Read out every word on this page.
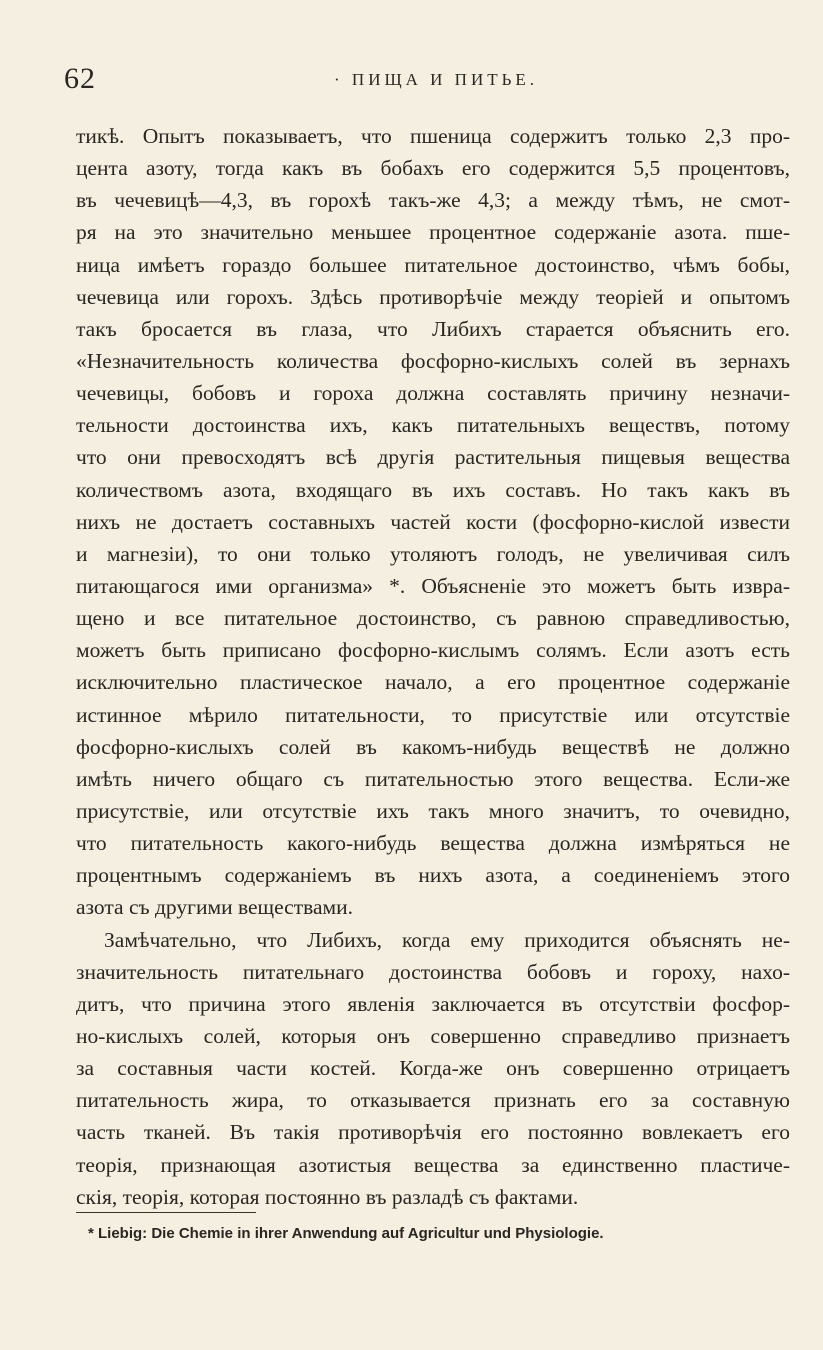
62	· ПИЩА И ПИТЬЕ.
тикѣ. Опытъ показываетъ, что пшеница содержитъ только 2,3 про-
цента азоту, тогда какъ въ бобахъ его содержится 5,5 процентовъ,
въ чечевицѣ—4,3, въ горохѣ такъ-же 4,3; а между тѣмъ, не смот-
ря на это значительно меньшее процентное содержаніе азота. пше-
ница имѣетъ гораздо большее питательное достоинство, чѣмъ бобы,
чечевица или горохъ. Здѣсь противорѣчіе между теоріей и опытомъ
такъ бросается въ глаза, что Либихъ старается объяснить его.
«Незначительность количества фосфорно-кислыхъ солей въ зернахъ
чечевицы, бобовъ и гороха должна составлять причину незначи-
тельности достоинства ихъ, какъ питательныхъ веществъ, потому
что они превосходятъ всѣ другія растительныя пищевыя вещества
количествомъ азота, входящаго въ ихъ составъ. Но такъ какъ въ
нихъ не достаетъ составныхъ частей кости (фосфорно-кислой извести
и магнезіи), то они только утоляютъ голодъ, не увеличивая силъ
питающагося ими организма» *. Объясненіе это можетъ быть извра-
щено и все питательное достоинство, съ равною справедливостью,
можетъ быть приписано фосфорно-кислымъ солямъ. Если азотъ есть
исключительно пластическое начало, а его процентное содержаніе
истинное мѣрило питательности, то присутствіе или отсутствіе
фосфорно-кислыхъ солей въ какомъ-нибудь веществѣ не должно
имѣть ничего общаго съ питательностью этого вещества. Если-же
присутствіе, или отсутствіе ихъ такъ много значитъ, то очевидно,
что питательность какого-нибудь вещества должна измѣряться не
процентнымъ содержаніемъ въ нихъ азота, а соединеніемъ этого
азота съ другими веществами.
Замѣчательно, что Либихъ, когда ему приходится объяснять не-
значительность питательнаго достоинства бобовъ и гороху, нахо-
дитъ, что причина этого явленія заключается въ отсутствіи фосфор-
но-кислыхъ солей, которыя онъ совершенно справедливо признаетъ
за составныя части костей. Когда-же онъ совершенно отрицаетъ
питательность жира, то отказывается признать его за составную
часть тканей. Въ такія противорѣчія его постоянно вовлекаетъ его
теорія, признающая азотистыя вещества за единственно пластиче-
скія, теорія, которая постоянно въ разладѣ съ фактами.
* Liebig: Die Chemie in ihrer Anwendung auf Agricultur und Physiologie.
